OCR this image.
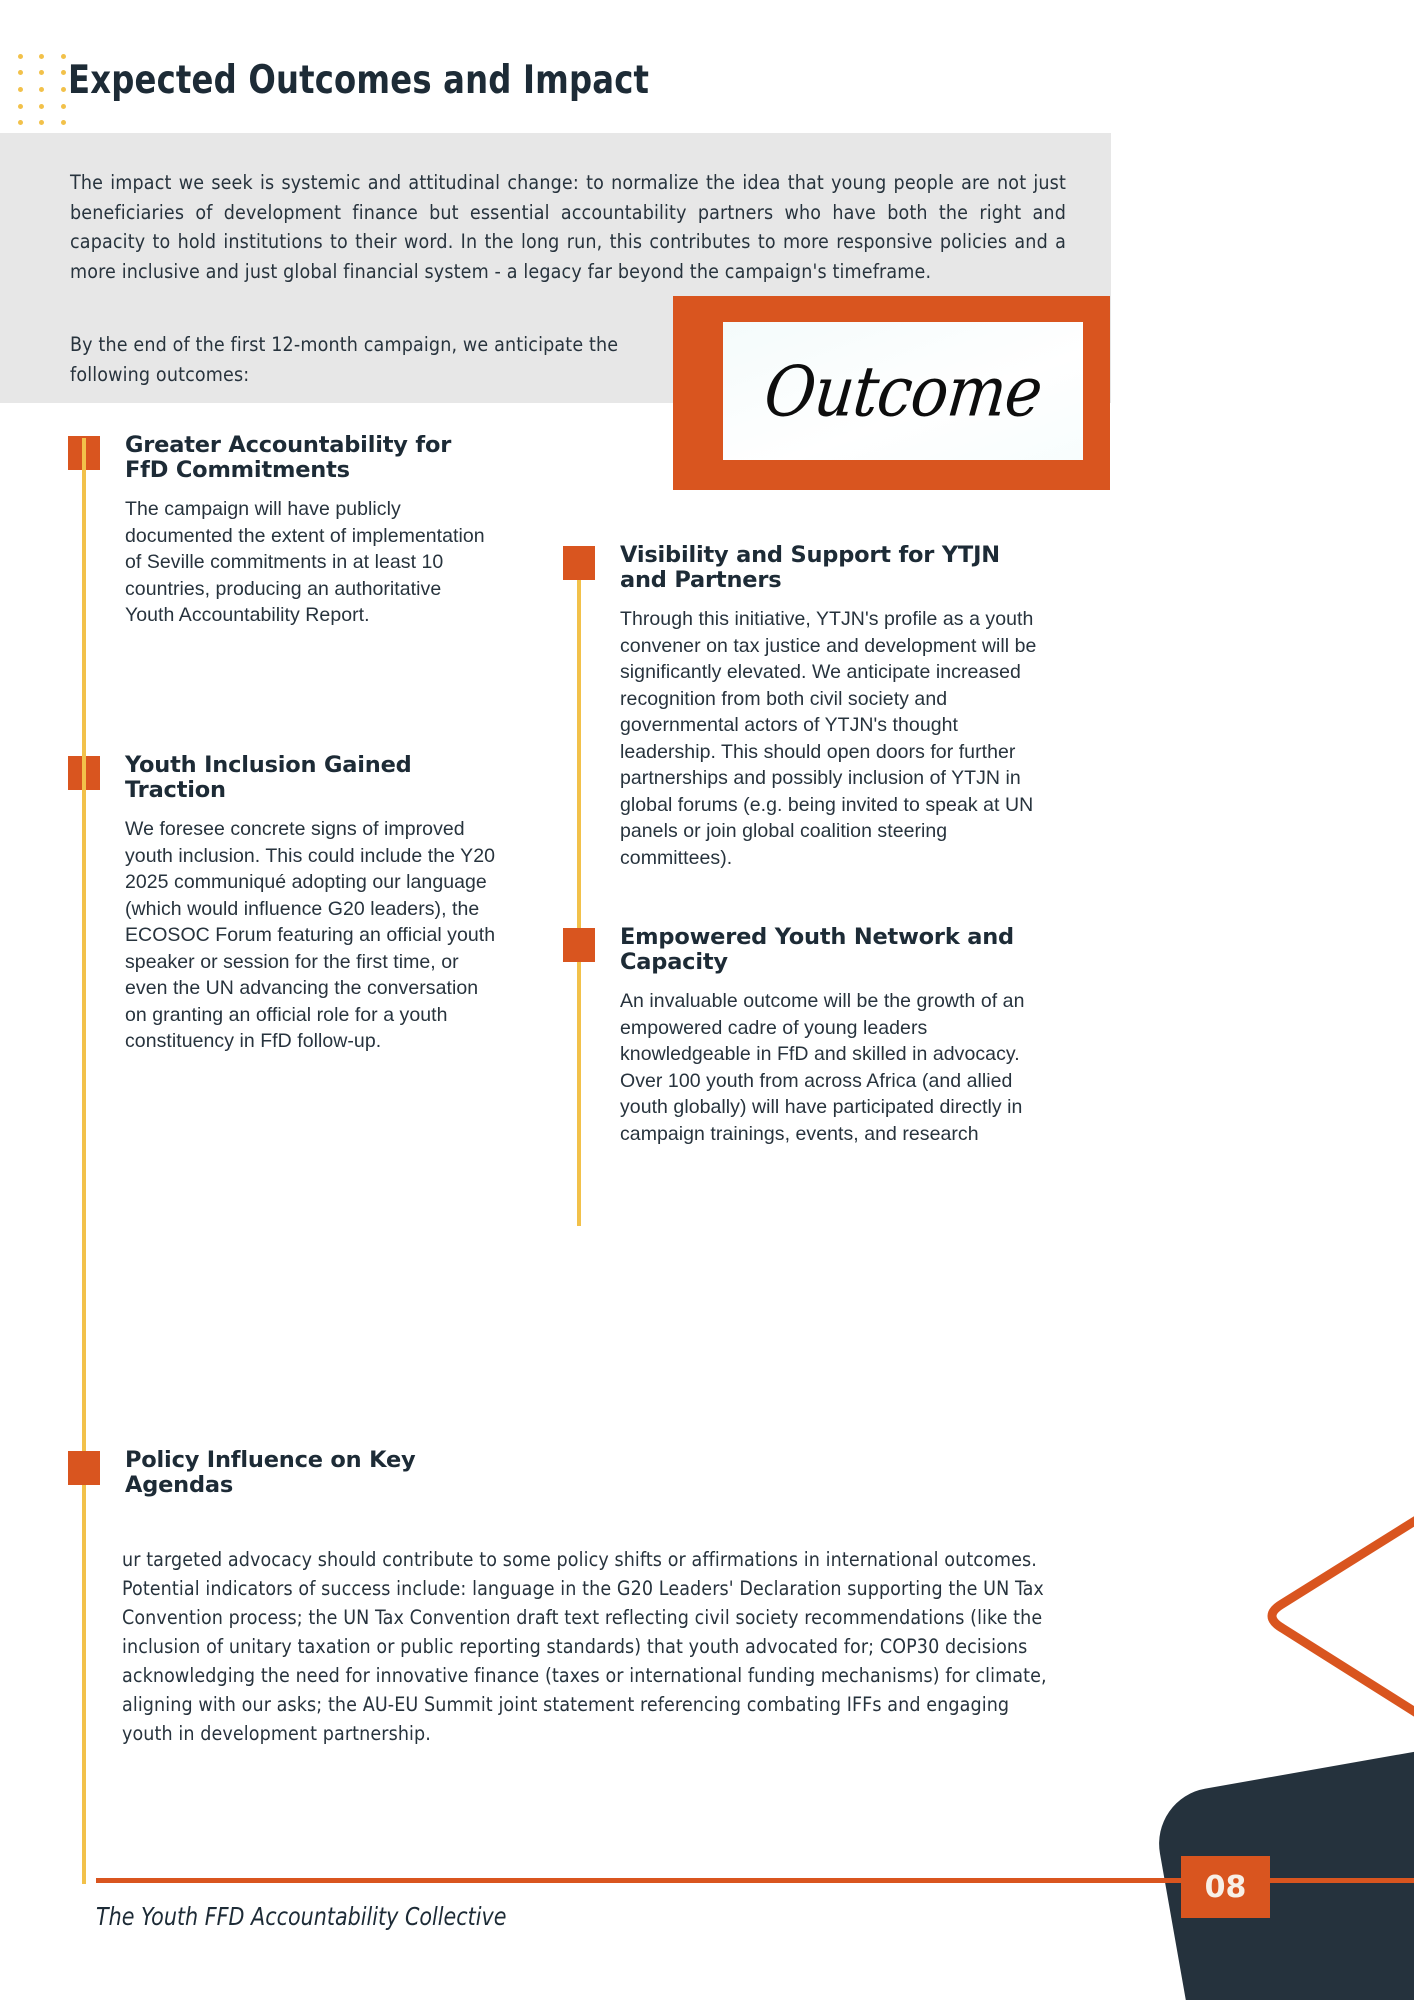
Expected Outcomes and Impact
The impact we seek is systemic and attitudinal change: to normalize the idea that young people are not just beneficiaries of development finance but essential accountability partners who have both the right and capacity to hold institutions to their word. In the long run, this contributes to more responsive policies and a more inclusive and just global financial system - a legacy far beyond the campaign's timeframe.
By the end of the first 12-month campaign, we anticipate the following outcomes:	Outcome
Greater Accountability for FfD Commitments
The campaign will have publicly documented the extent of implementation of Seville commitments in at least 10 countries, producing an authoritative Youth Accountability Report.
Youth Inclusion Gained Traction
We foresee concrete signs of improved youth inclusion. This could include the Y20 2025 communiqué adopting our language (which would influence G20 leaders), the ECOSOC Forum featuring an official youth speaker or session for the first time, or even the UN advancing the conversation on granting an official role for a youth constituency in FfD follow-up.
Visibility and Support for YTJN and Partners
Through this initiative, YTJN's profile as a youth convener on tax justice and development will be significantly elevated. We anticipate increased recognition from both civil society and governmental actors of YTJN's thought leadership. This should open doors for further partnerships and possibly inclusion of YTJN in global forums (e.g. being invited to speak at UN panels or join global coalition steering committees).
Empowered Youth Network and Capacity
An invaluable outcome will be the growth of an empowered cadre of young leaders knowledgeable in FfD and skilled in advocacy. Over 100 youth from across Africa (and allied youth globally) will have participated directly in campaign trainings, events, and research
Policy Influence on Key Agendas
ur targeted advocacy should contribute to some policy shifts or affirmations in international outcomes. Potential indicators of success include: language in the G20 Leaders' Declaration supporting the UN Tax Convention process; the UN Tax Convention draft text reflecting civil society recommendations (like the inclusion of unitary taxation or public reporting standards) that youth advocated for; COP30 decisions acknowledging the need for innovative finance (taxes or international funding mechanisms) for climate, aligning with our asks; the AU-EU Summit joint statement referencing combating IFFs and engaging youth in development partnership.
The Youth FFD Accountability Collective
08
